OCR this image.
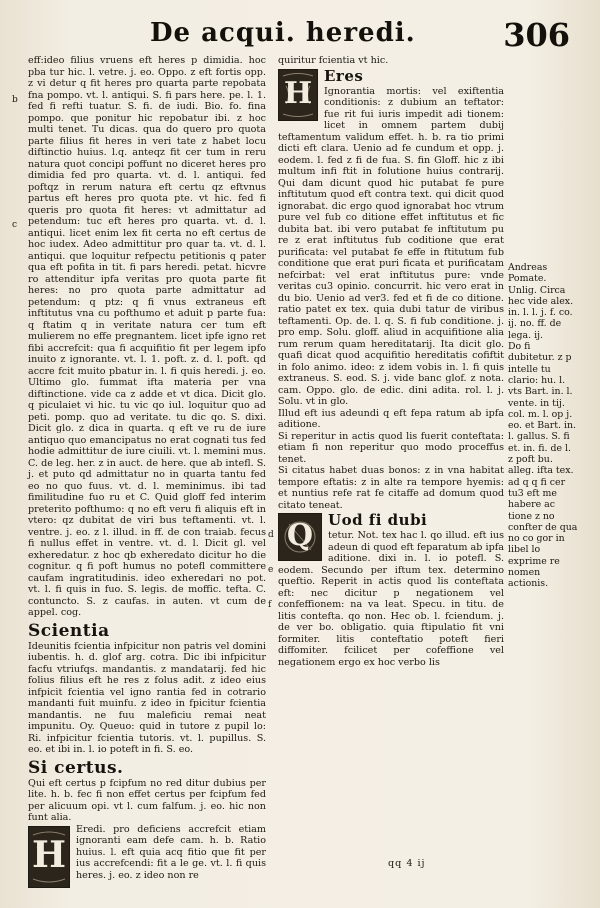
De acqui. heredi.	306
b
c
d
e
f

eff:ideo filius vruens eft heres p dimidia. hoc pba tur hic. l. vetre. j. eo. Oppo. z eft fortis opp. z vi detur q fit heres pro quarta parte repobata fna pompo. vt. l. antiqui. S. fi pars here. pe. l. 1. fed fi refti tuatur. S. fi. de iudi. Bio. fo. fina pompo. que ponitur hic repobatur ibi. z hoc multi tenet. Tu dicas. qua do quero pro quota parte filius fit heres in veri tate z habet locu diftinctio huius. l.q. anteqz fit cer tum in reru natura quot concipi poffunt no diceret heres pro dimidia fed pro quarta. vt. d. l. antiqui. fed poftqz in rerum natura eft certu qz eftvnus partus eft heres pro quota pte. vt hic. fed fi queris pro quota fit heres: vt admittatur ad petendum: tuc eft heres pro quarta. vt. d. l. antiqui. licet enim lex fit certa no eft certus de hoc iudex. Adeo admittitur pro quar ta. vt. d. l. antiqui. que loquitur refpectu petitionis q pater qua eft pofita in tit. fi pars heredi. petat. hicvre ro attenditur ipfa veritas pro quota parte fit heres: no pro quota parte admittatur ad petendum: q ptz: q fi vnus extraneus eft inftitutus vna cu pofthumo et aduit p parte fua: q ftatim q in veritate natura cer tum eft mulierem no effe pregnantem. licet ipfe igno ret fibi accrefcit: qua fi acquifitio fit per legem ipfo inuito z ignorante. vt. l. 1. poft. z. d. l. poft. qd accre fcit muito pbatur in. l. fi quis heredi. j. eo. Ultimo glo. fummat ifta materia per vna diftinctione. vide ca z adde et vt dica. Dicit glo. q piculaiet vi hic. tu vic qo iul. loquitur quo ad peti. pomp. quo ad veritate. tu dic qo. S. dixi. Dicit glo. z dica in quarta. q eft ve ru de iure antiquo quo emancipatus no erat cognati tus fed hodie admittitur de iure ciuili. vt. l. memini mus. C. de leg. her. z in auct. de here. que ab intefl. S. j. et puto qd admittatur no in quarta tantu fed eo no quo fuus. vt. d. l. meminimus. ibi tad fimilitudine fuo ru et C. Quid gloff fed interim preterito pofthumo: q no eft veru fi aliquis eft in vtero: qz dubitat de viri bus teftamenti. vt. l. ventre. j. eo. z l. illud. in ff. de con traiab. fecus fi nullus effet in ventre. vt. d. l. Dicit gl. vel exheredatur. z hoc qb exheredato dicitur ho die cognitur. q fi poft humus no potefl committere caufam ingratitudinis. ideo exheredari no pot. vt. l. fi quis in fuo. S. legis. de moffic. tefta. C. contuncto. S. z caufas. in auten. vt cum de appel. cog.

Scientia

Ideunitis fcientia infpicitur non patris vel domini iubentis. h. d. glof arg. cotra. Dic ibi infpicitur facfu vtriufqs. mandantis. z mandatarij. fed hic folius filius eft he res z folus adit. z ideo eius infpicit fcientia vel igno rantia fed in cotrario mandanti fuit muinfu. z ideo in fpicitur fcientia mandantis. ne fuu maleficiu remai neat impunitu. Oy. Queuo: quid in tutore z pupil lo: Ri. infpicitur fcientia tutoris. vt. l. pupillus. S. eo. et ibi in. l. io poteft in fi. S. eo.

Si certus.

Qui eft certus p fcipfum no red ditur dubius per lite. h. b. fec fi non effet certus per fcipfum fed per alicuum opi. vt l. cum falfum. j. eo. hic non funt alia.

H

Eredi. pro deficiens accrefcit etiam ignoranti eam defe cam. h. b. Ratio huius. l. eft quia acq fitio que fit per ius accrefcendi: fit a le ge. vt. l. fi quis heres. j. eo. z ideo non re

quiritur fcientia vt hic.

H Eres

Ignorantia mortis: vel exiftentia conditionis: z dubium an teftator: fue rit fui iuris impedit adi tionem: licet in omnem partem dubij teftamentum validum effet. h. b. ra tio primi dicti eft clara. Uenio ad fe cundum et opp. j. eodem. l. fed z fi de fua. S. fin Gloff. hic z ibi multum infi ftit in folutione huius contrarij. Qui dam dicunt quod hic putabat fe pure inftitutum quod eft contra text. qui dicit quod ignorabat. dic ergo quod ignorabat hoc vtrum pure vel fub co ditione effet inftitutus et fic dubita bat. ibi vero putabat fe inftitutum pu re z erat inftitutus fub coditione que erat purificata: vel putabat fe effe in ftitutum fub conditione que erat puri ficata et purificatam nefcirbat: vel erat inftitutus pure: vnde veritas cu3 opinio. concurrit. hic vero erat in du bio. Uenio ad ver3. fed et fi de co ditione. ratio patet ex tex. quia dubi tatur de viribus teftamenti. Op. de. l. q. S. fi fub conditione. j. pro emp. Solu. gloff. aliud in acquifitione alia rum rerum quam hereditatarij. Ita dicit glo. quafi dicat quod acquifitio hereditatis cofiftit in folo animo. ideo: z idem vobis in. l. fi quis extraneus. S. eod. S. j. vide banc glof. z nota. cam. Oppo. glo. de edic. dini adita. rol. l. j. Solu. vt in glo.

Illud eft ius adeundi q eft fepa ratum ab ipfa aditione.

Si reperitur in actis quod lis fuerit conteftata: etiam fi non reperitur quo modo proceffus tenet.

Si citatus habet duas bonos: z in vna habitat tempore eftatis: z in alte ra tempore hyemis: et nuntius refe rat fe citaffe ad domum quod citato teneat.

Q Uod fi dubi

tetur. Not. tex hac l. qo illud. eft ius adeun di quod eft feparatum ab ipfa aditione. dixi in. l. io potefl. S. eodem. Secundo per iftum tex. determino queftio. Reperit in actis quod lis conteftata eft: nec dicitur p negationem vel confeffionem: na va leat. Specu. in titu. de litis contefta. qo non. Hec ob. l. fciendum. j. de ver bo. obligatio. quia ftipulatio fit vni formiter. litis conteftatio poteft fieri diffomiter. fcilicet per cofeffione vel negationem ergo ex hoc verbo lis

Andreas Pomate.
Unlig. Circa hec vide alex. in. l. l. j. f. co. ij. no. ff. de lega. ij.
Do fi dubitetur. z p intelle tu clario: hu. l. vts Bart. in. l. vente. in tij. col. m. l. op j. eo. et Bart. in. l. gallus. S. fi et. in. fi. de l. z poft bu. alleg. ifta tex. ad q q fi cer tu3 eft me habere ac tione z no confter de qua no co gor in libel lo exprime re nomen actionis.
qq 4 ij
